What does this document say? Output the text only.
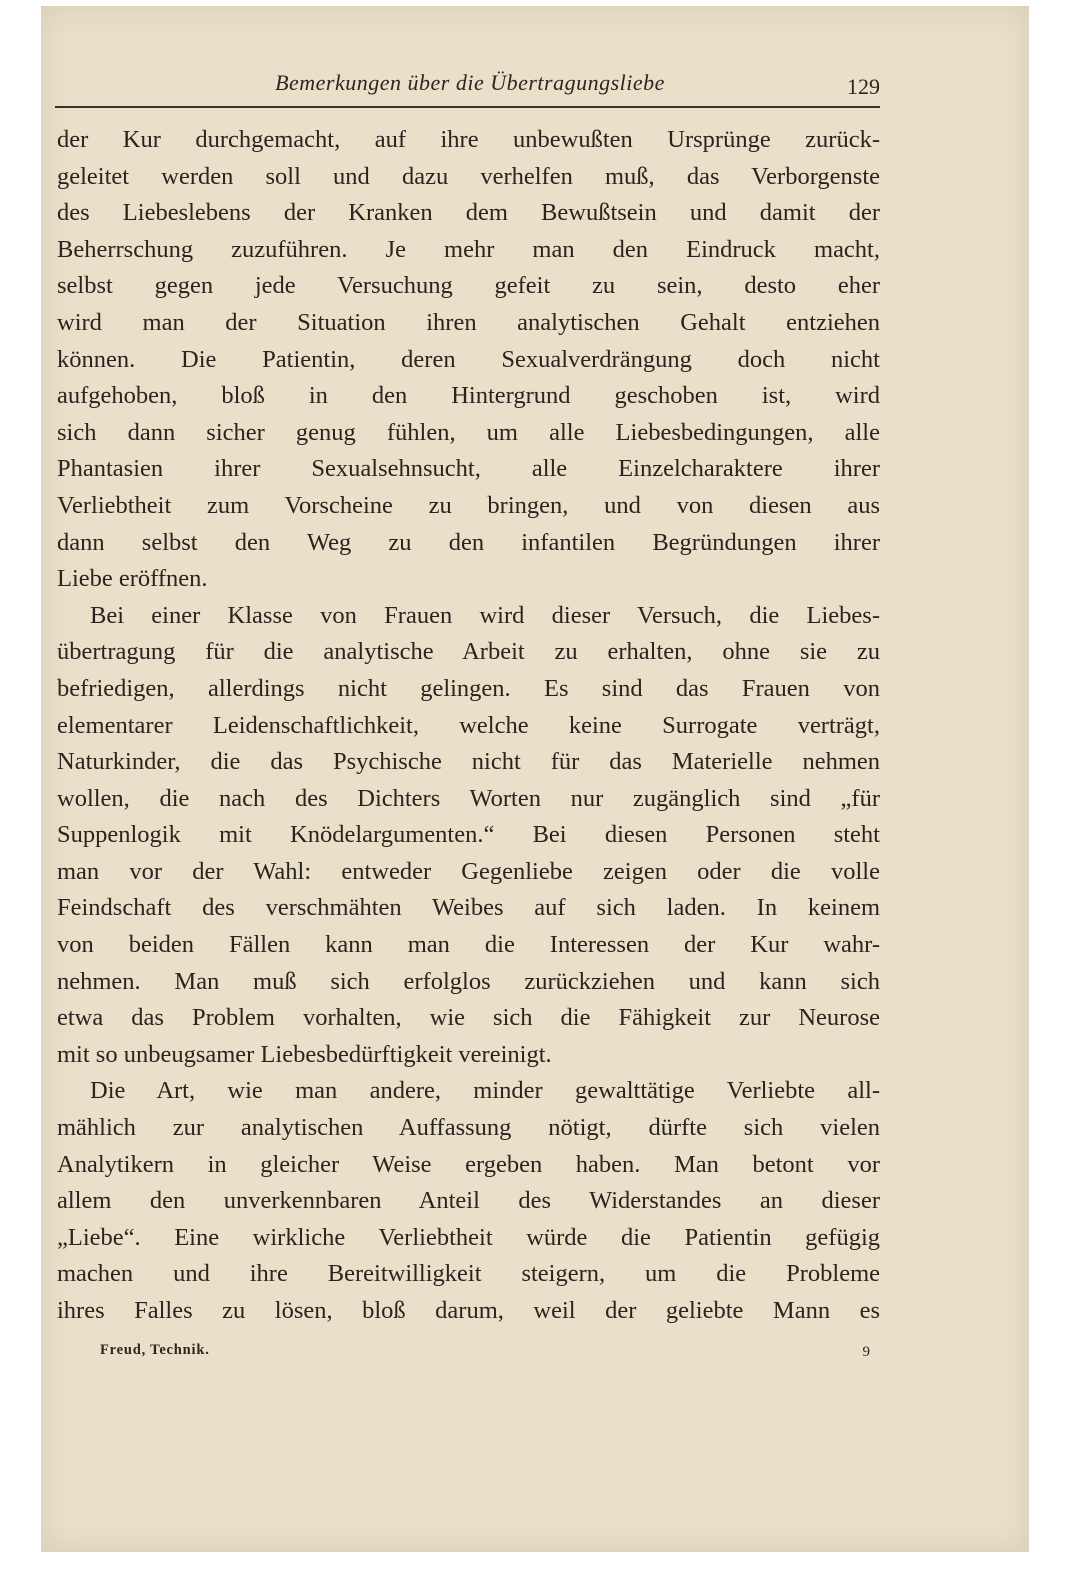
Bemerkungen über die Übertragungsliebe	129
der Kur durchgemacht, auf ihre unbewußten Ursprünge zurück-
geleitet werden soll und dazu verhelfen muß, das Verborgenste
des Liebeslebens der Kranken dem Bewußtsein und damit der
Beherrschung zuzuführen. Je mehr man den Eindruck macht,
selbst gegen jede Versuchung gefeit zu sein, desto eher
wird man der Situation ihren analytischen Gehalt entziehen
können. Die Patientin, deren Sexualverdrängung doch nicht
aufgehoben, bloß in den Hintergrund geschoben ist, wird
sich dann sicher genug fühlen, um alle Liebesbedingungen, alle
Phantasien ihrer Sexualsehnsucht, alle Einzelcharaktere ihrer
Verliebtheit zum Vorscheine zu bringen, und von diesen aus
dann selbst den Weg zu den infantilen Begründungen ihrer
Liebe eröffnen.
Bei einer Klasse von Frauen wird dieser Versuch, die Liebes-
übertragung für die analytische Arbeit zu erhalten, ohne sie zu
befriedigen, allerdings nicht gelingen. Es sind das Frauen von
elementarer Leidenschaftlichkeit, welche keine Surrogate verträgt,
Naturkinder, die das Psychische nicht für das Materielle nehmen
wollen, die nach des Dichters Worten nur zugänglich sind „für
Suppenlogik mit Knödelargumenten.“ Bei diesen Personen steht
man vor der Wahl: entweder Gegenliebe zeigen oder die volle
Feindschaft des verschmähten Weibes auf sich laden. In keinem
von beiden Fällen kann man die Interessen der Kur wahr-
nehmen. Man muß sich erfolglos zurückziehen und kann sich
etwa das Problem vorhalten, wie sich die Fähigkeit zur Neurose
mit so unbeugsamer Liebesbedürftigkeit vereinigt.
Die Art, wie man andere, minder gewalttätige Verliebte all-
mählich zur analytischen Auffassung nötigt, dürfte sich vielen
Analytikern in gleicher Weise ergeben haben. Man betont vor
allem den unverkennbaren Anteil des Widerstandes an dieser
„Liebe“. Eine wirkliche Verliebtheit würde die Patientin gefügig
machen und ihre Bereitwilligkeit steigern, um die Probleme
ihres Falles zu lösen, bloß darum, weil der geliebte Mann es
Freud, Technik.	9
